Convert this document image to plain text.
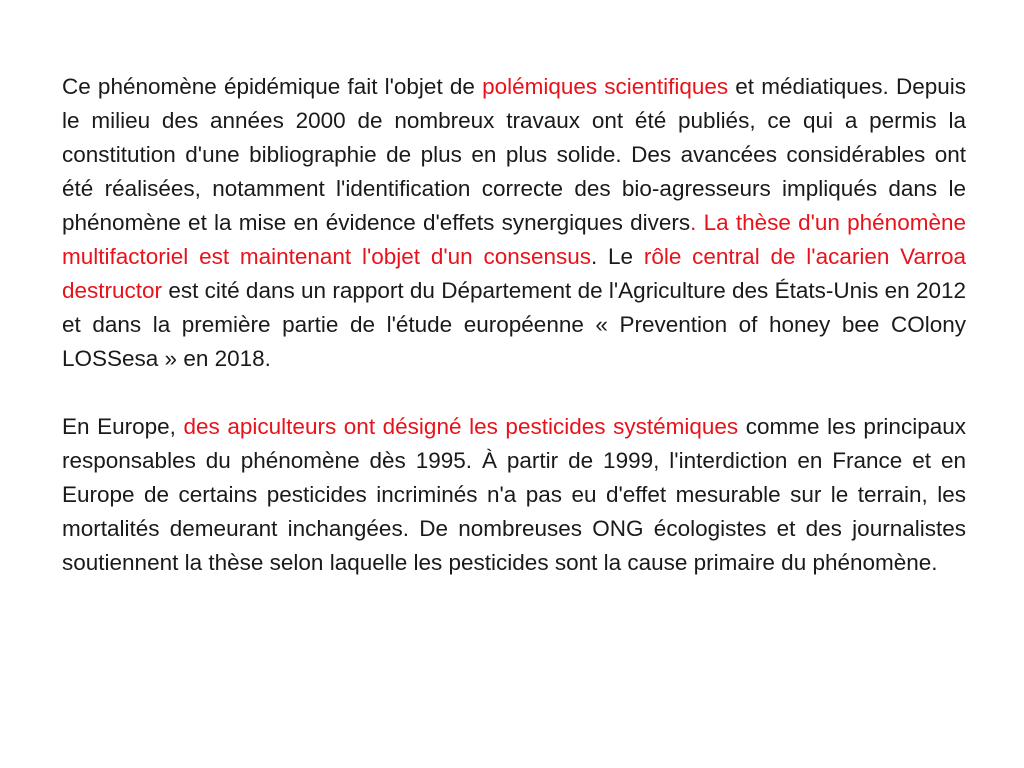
Ce phénomène épidémique fait l'objet de polémiques scientifiques et médiatiques. Depuis le milieu des années 2000 de nombreux travaux ont été publiés, ce qui a permis la constitution d'une bibliographie de plus en plus solide. Des avancées considérables ont été réalisées, notamment l'identification correcte des bio-agresseurs impliqués dans le phénomène et la mise en évidence d'effets synergiques divers. La thèse d'un phénomène multifactoriel est maintenant l'objet d'un consensus. Le rôle central de l'acarien Varroa destructor est cité dans un rapport du Département de l'Agriculture des États-Unis en 2012 et dans la première partie de l'étude européenne « Prevention of honey bee COlony LOSSesa » en 2018.

En Europe, des apiculteurs ont désigné les pesticides systémiques comme les principaux responsables du phénomène dès 1995. À partir de 1999, l'interdiction en France et en Europe de certains pesticides incriminés n'a pas eu d'effet mesurable sur le terrain, les mortalités demeurant inchangées. De nombreuses ONG écologistes et des journalistes soutiennent la thèse selon laquelle les pesticides sont la cause primaire du phénomène.
